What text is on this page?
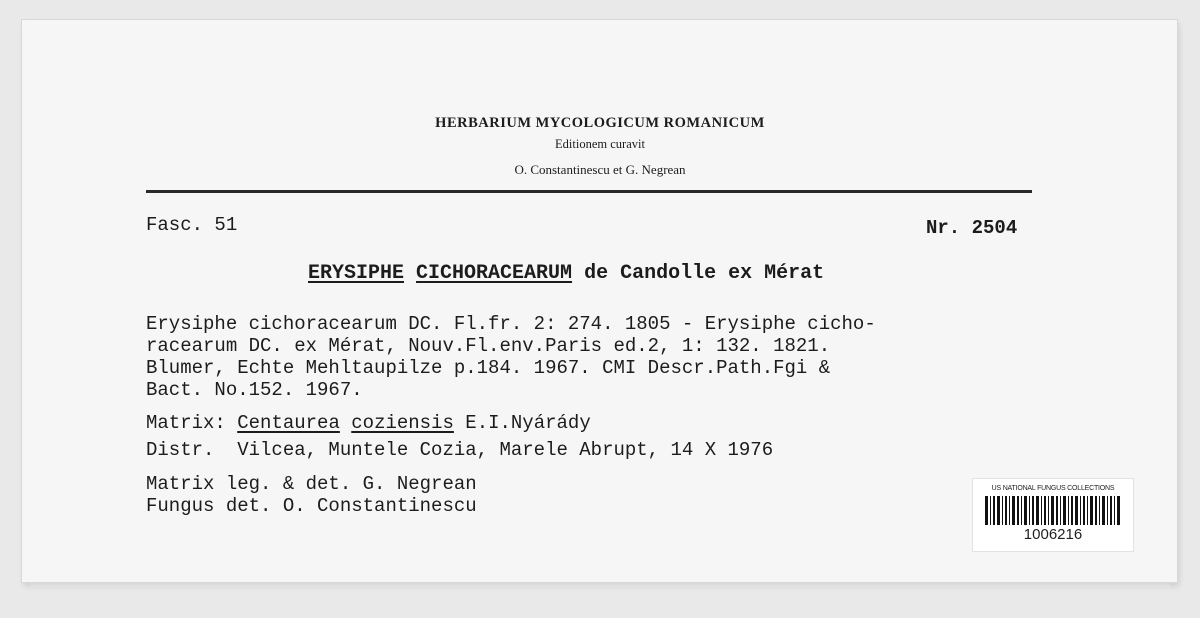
HERBARIUM MYCOLOGICUM ROMANICUM
Editionem curavit
O. Constantinescu et G. Negrean
Fasc. 51	Nr. 2504
ERYSIPHE CICHORACEARUM de Candolle ex Mérat
Erysiphe cichoracearum DC. Fl.fr. 2: 274. 1805 - Erysiphe cicho-
racearum DC. ex Mérat, Nouv.Fl.env.Paris ed.2, 1: 132. 1821.
Blumer, Echte Mehltaupilze p.184. 1967. CMI Descr.Path.Fgi &
Bact. No.152. 1967.
Matrix: Centaurea coziensis E.I.Nyárády
Distr.  Vilcea, Muntele Cozia, Marele Abrupt, 14 X 1976
Matrix leg. & det. G. Negrean
Fungus det. O. Constantinescu
US NATIONAL FUNGUS COLLECTIONS
1006216
